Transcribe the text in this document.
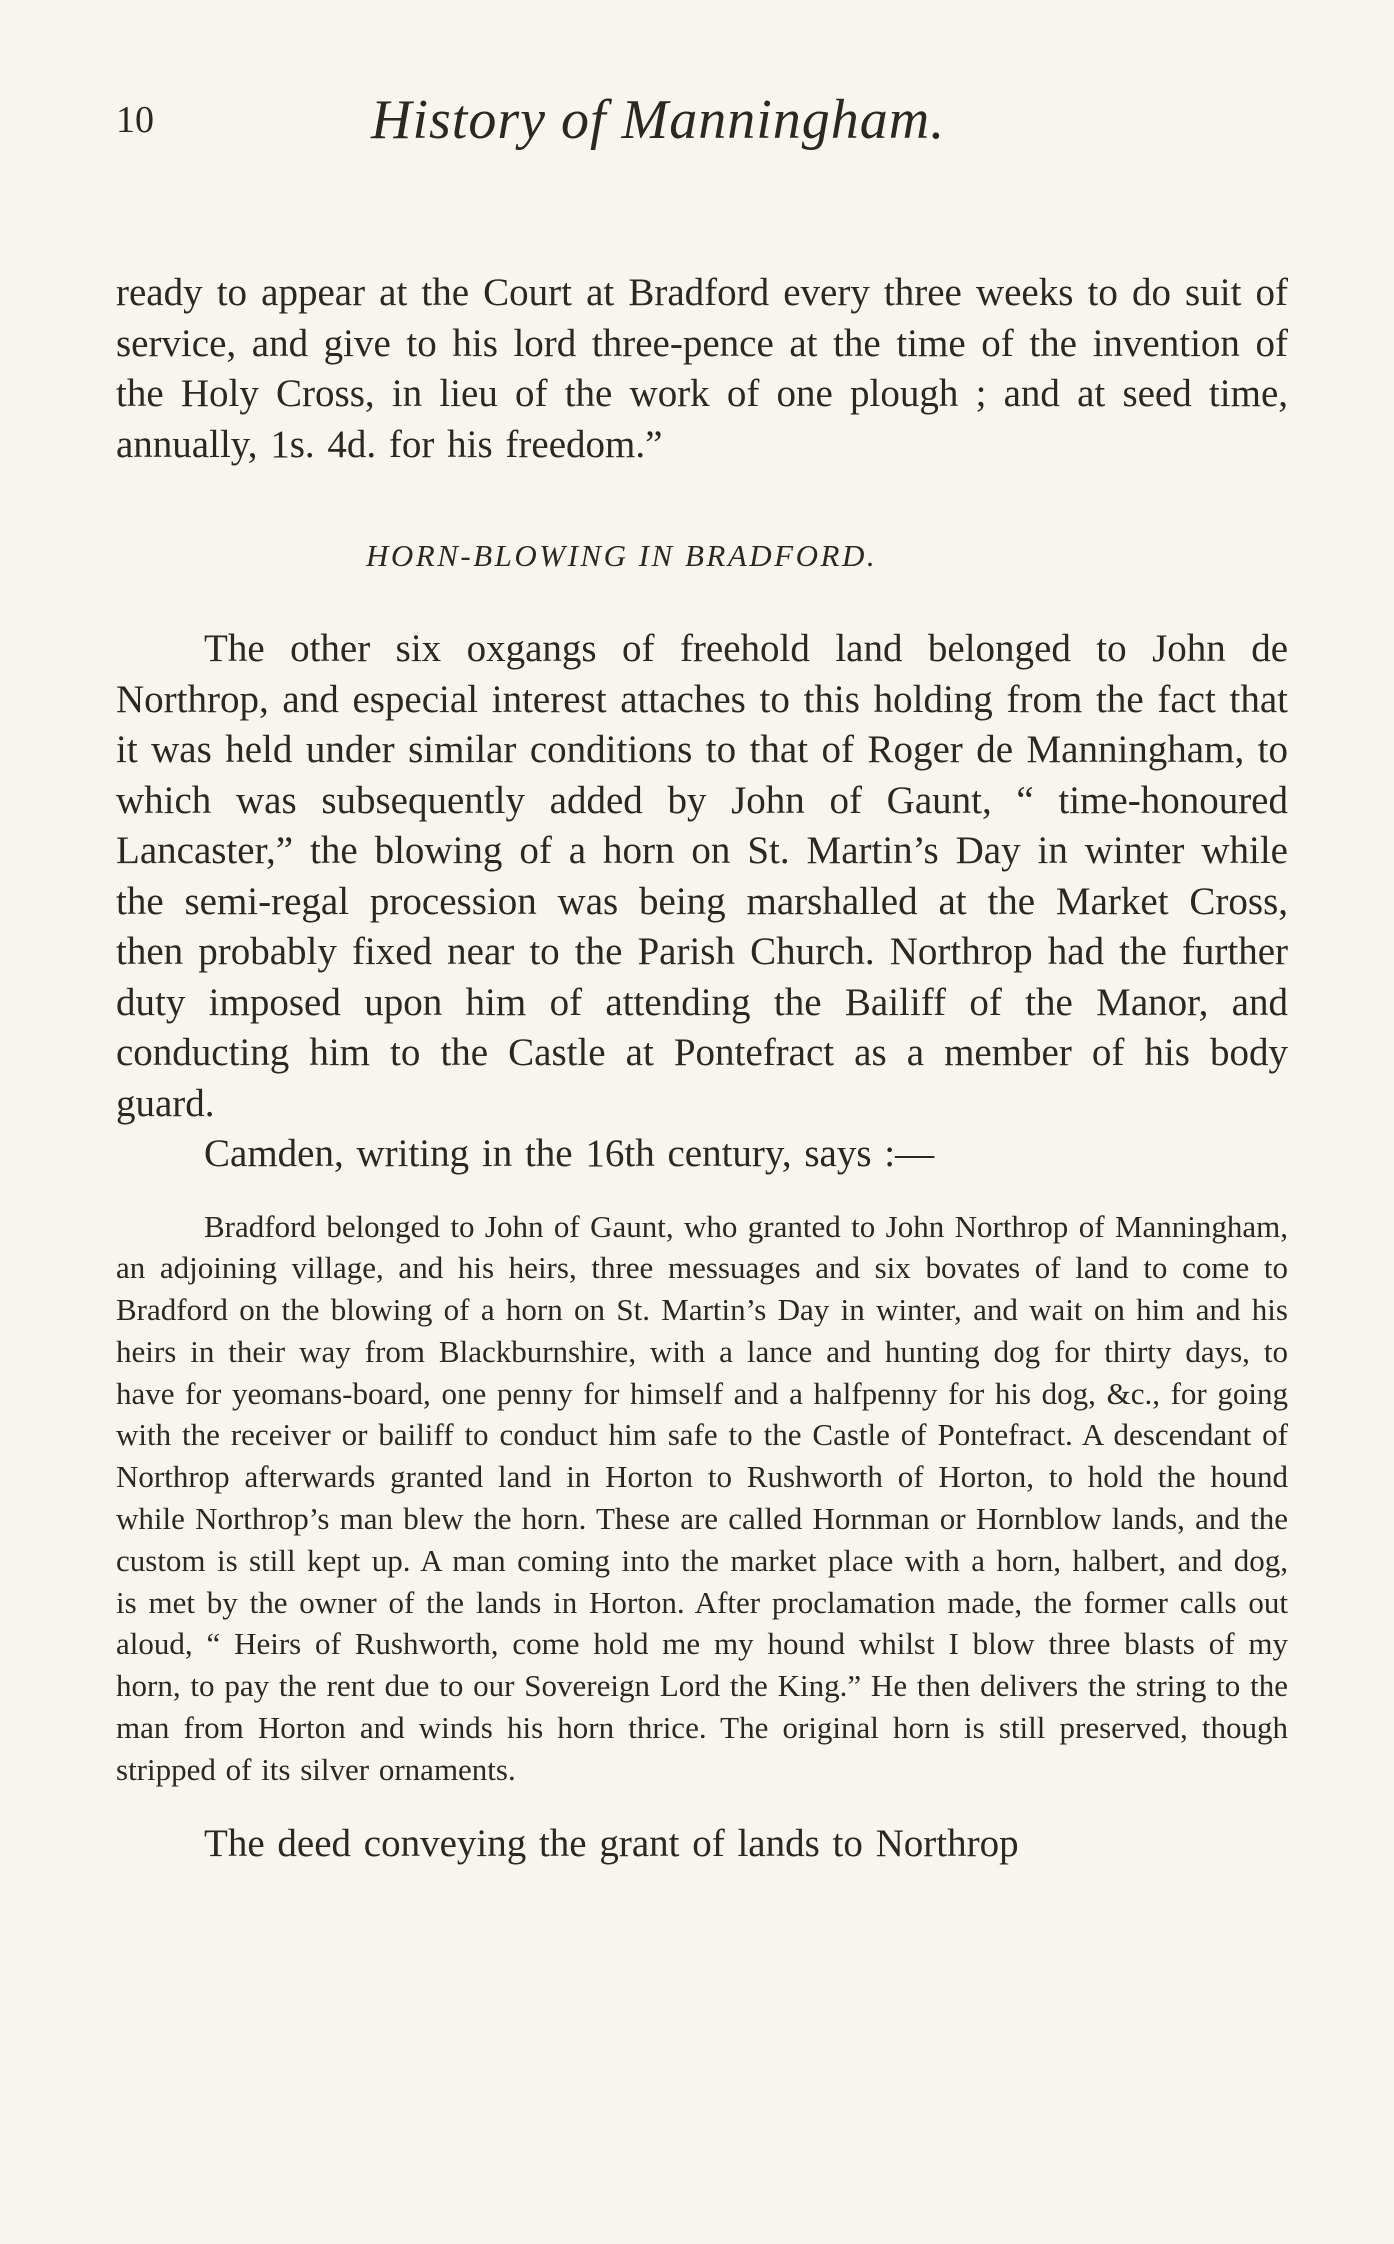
10	History of Manningham.

ready to appear at the Court at Bradford every three weeks to do suit of service, and give to his lord three-pence at the time of the invention of the Holy Cross, in lieu of the work of one plough ; and at seed time, annually, 1s. 4d. for his freedom.”

HORN-BLOWING IN BRADFORD.

The other six oxgangs of freehold land belonged to John de Northrop, and especial interest attaches to this holding from the fact that it was held under similar conditions to that of Roger de Manningham, to which was subsequently added by John of Gaunt, “ time-honoured Lancaster,” the blowing of a horn on St. Martin’s Day in winter while the semi-regal procession was being marshalled at the Market Cross, then probably fixed near to the Parish Church. Northrop had the further duty imposed upon him of attending the Bailiff of the Manor, and conducting him to the Castle at Pontefract as a member of his body guard.

Camden, writing in the 16th century, says :—

Bradford belonged to John of Gaunt, who granted to John Northrop of Manningham, an adjoining village, and his heirs, three messuages and six bovates of land to come to Bradford on the blowing of a horn on St. Martin’s Day in winter, and wait on him and his heirs in their way from Blackburnshire, with a lance and hunting dog for thirty days, to have for yeomans-board, one penny for himself and a halfpenny for his dog, &c., for going with the receiver or bailiff to conduct him safe to the Castle of Pontefract. A descendant of Northrop afterwards granted land in Horton to Rushworth of Horton, to hold the hound while Northrop’s man blew the horn. These are called Hornman or Hornblow lands, and the custom is still kept up. A man coming into the market place with a horn, halbert, and dog, is met by the owner of the lands in Horton. After proclamation made, the former calls out aloud, “ Heirs of Rushworth, come hold me my hound whilst I blow three blasts of my horn, to pay the rent due to our Sovereign Lord the King.” He then delivers the string to the man from Horton and winds his horn thrice. The original horn is still preserved, though stripped of its silver ornaments.

The deed conveying the grant of lands to Northrop
